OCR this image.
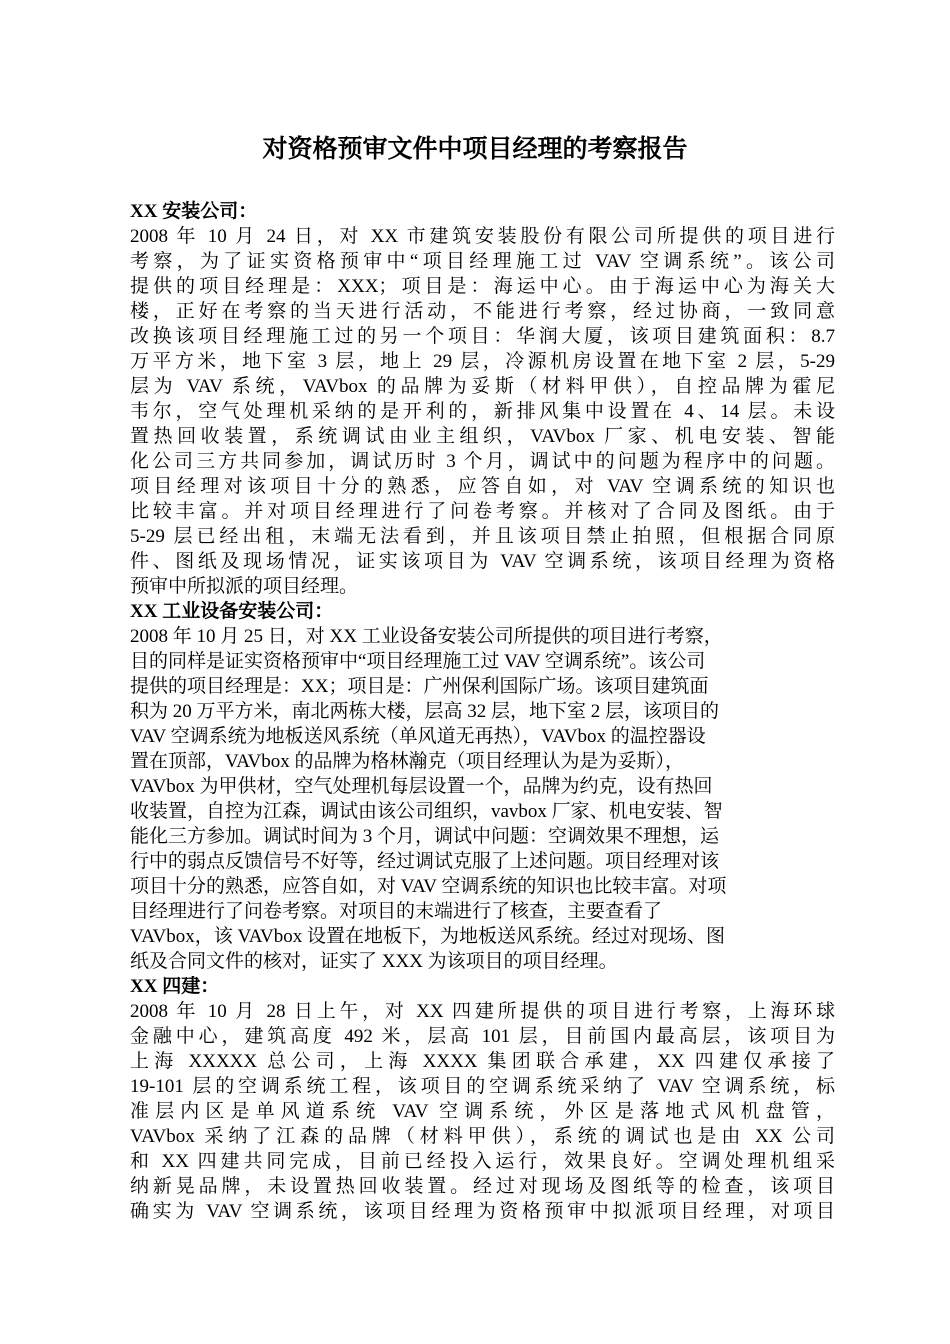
对资格预审文件中项目经理的考察报告

XX 安装公司：

2008 年 10 月 24 日，对 XX 市建筑安装股份有限公司所提供的项目进行

考察，为了证实资格预审中“项目经理施工过 VAV 空调系统”。该公司

提供的项目经理是：XXX；项目是：海运中心。由于海运中心为海关大

楼，正好在考察的当天进行活动，不能进行考察，经过协商，一致同意

改换该项目经理施工过的另一个项目：华润大厦，该项目建筑面积：8.7

万平方米，地下室 3 层，地上 29 层，冷源机房设置在地下室 2 层，5-29

层为 VAV 系统，VAVbox 的品牌为妥斯（材料甲供），自控品牌为霍尼

韦尔，空气处理机采纳的是开利的，新排风集中设置在 4、14 层。未设

置热回收装置，系统调试由业主组织，VAVbox 厂家、机电安装、智能

化公司三方共同参加，调试历时 3 个月，调试中的问题为程序中的问题。

项目经理对该项目十分的熟悉，应答自如，对 VAV 空调系统的知识也

比较丰富。并对项目经理进行了问卷考察。并核对了合同及图纸。由于

5-29 层已经出租，末端无法看到，并且该项目禁止拍照，但根据合同原

件、图纸及现场情况，证实该项目为 VAV 空调系统，该项目经理为资格

预审中所拟派的项目经理。

XX 工业设备安装公司：

2008 年 10 月 25 日，对 XX 工业设备安装公司所提供的项目进行考察，

目的同样是证实资格预审中“项目经理施工过 VAV 空调系统”。该公司

提供的项目经理是：XX；项目是：广州保利国际广场。该项目建筑面

积为 20 万平方米，南北两栋大楼，层高 32 层，地下室 2 层，该项目的

VAV 空调系统为地板送风系统（单风道无再热），VAVbox 的温控器设

置在顶部，VAVbox 的品牌为格林瀚克（项目经理认为是为妥斯），

VAVbox 为甲供材，空气处理机每层设置一个，品牌为约克，设有热回

收装置，自控为江森，调试由该公司组织，vavbox 厂家、机电安装、智

能化三方参加。调试时间为 3 个月，调试中问题：空调效果不理想，运

行中的弱点反馈信号不好等，经过调试克服了上述问题。项目经理对该

项目十分的熟悉，应答自如，对 VAV 空调系统的知识也比较丰富。对项

目经理进行了问卷考察。对项目的末端进行了核查，主要查看了

VAVbox，该 VAVbox 设置在地板下，为地板送风系统。经过对现场、图

纸及合同文件的核对，证实了 XXX 为该项目的项目经理。

XX 四建：

2008 年 10 月 28 日上午，对 XX 四建所提供的项目进行考察，上海环球

金融中心，建筑高度 492 米，层高 101 层，目前国内最高层，该项目为

上海 XXXXX 总公司，上海 XXXX 集团联合承建，XX 四建仅承接了

19-101 层的空调系统工程，该项目的空调系统采纳了 VAV 空调系统，标

准层内区是单风道系统 VAV 空调系统，外区是落地式风机盘管，

VAVbox 采纳了江森的品牌（材料甲供），系统的调试也是由 XX 公司

和 XX 四建共同完成，目前已经投入运行，效果良好。空调处理机组采

纳新晃品牌，未设置热回收装置。经过对现场及图纸等的检查，该项目

确实为 VAV 空调系统，该项目经理为资格预审中拟派项目经理，对项目
